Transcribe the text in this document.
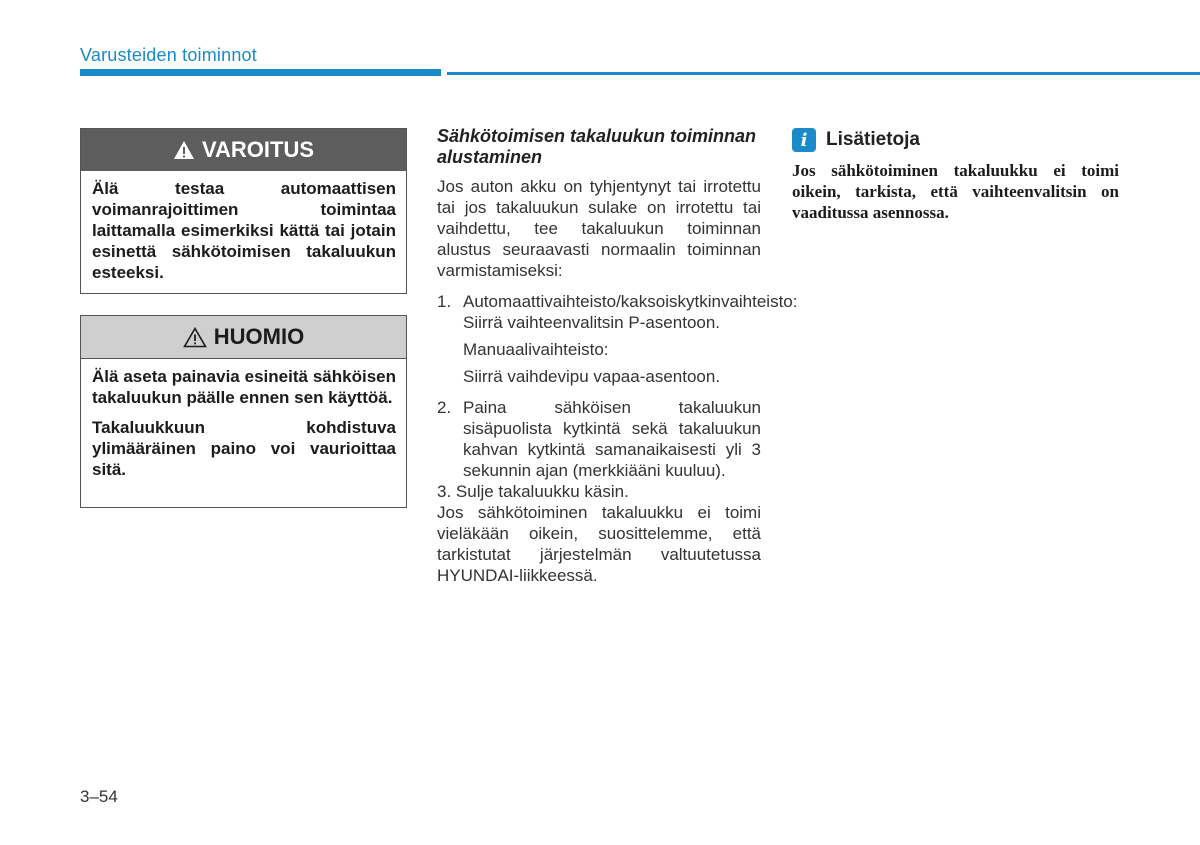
Varusteiden toiminnot
VAROITUS

Älä testaa automaattisen voimanrajoittimen toimintaa laittamalla esimerkiksi kättä tai jotain esinettä sähkötoimisen takaluukun esteeksi.

HUOMIO

Älä aseta painavia esineitä sähköisen takaluukun päälle ennen sen käyttöä.

Takaluukkuun kohdistuva ylimääräinen paino voi vaurioittaa sitä.

Sähkötoimisen takaluukun toiminnan alustaminen

Jos auton akku on tyhjentynyt tai irrotettu tai jos takaluukun sulake on irrotettu tai vaihdettu, tee takaluukun toiminnan alustus seuraavasti normaalin toiminnan varmistamiseksi:

1. Automaattivaihteisto/kaksoiskytkinvaihteisto:

Siirrä vaihteenvalitsin P-asentoon.

Manuaalivaihteisto:

Siirrä vaihdevipu vapaa-asentoon.

2. Paina sähköisen takaluukun sisäpuolista kytkintä sekä takaluukun kahvan kytkintä samanaikaisesti yli 3 sekunnin ajan (merkkiääni kuuluu).

3. Sulje takaluukku käsin.

Jos sähkötoiminen takaluukku ei toimi vieläkään oikein, suosittelemme, että tarkistutat järjestelmän valtuutetussa HYUNDAI-liikkeessä.

i Lisätietoja

Jos sähkötoiminen takaluukku ei toimi oikein, tarkista, että vaihteenvalitsin on vaaditussa asennossa.

3–54
